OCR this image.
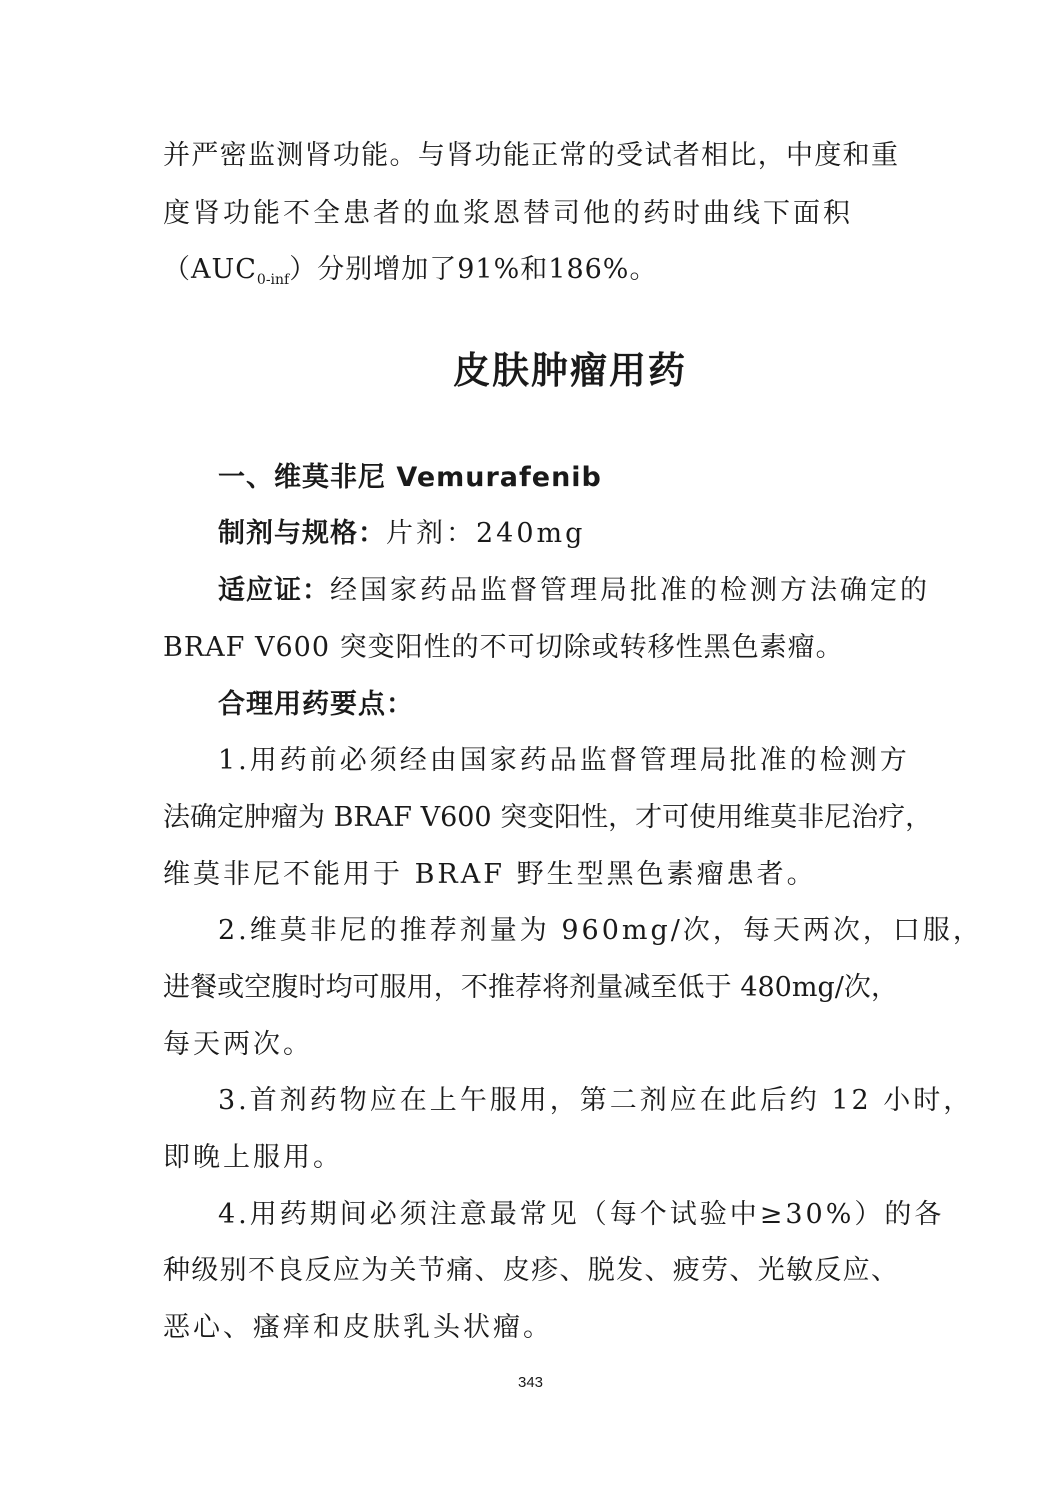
并严密监测肾功能。与肾功能正常的受试者相比，中度和重
度肾功能不全患者的血浆恩替司他的药时曲线下面积
$(AUC_{0-inf})$分别增加了91%和186%。
皮肤肿瘤用药
一、维莫非尼 Vemurafenib
制剂与规格：片剂：240mg
适应证：经国家药品监督管理局批准的检测方法确定的
BRAF V600 突变阳性的不可切除或转移性黑色素瘤。
合理用药要点：
1.用药前必须经由国家药品监督管理局批准的检测方
法确定肿瘤为 BRAF V600 突变阳性，才可使用维莫非尼治疗，
维莫非尼不能用于 BRAF 野生型黑色素瘤患者。
2.维莫非尼的推荐剂量为 960mg/次，每天两次，口服，
进餐或空腹时均可服用，不推荐将剂量减至低于 480mg/次，
每天两次。
3.首剂药物应在上午服用，第二剂应在此后约 12 小时，
即晚上服用。
4.用药期间必须注意最常见（每个试验中≥30%）的各
种级别不良反应为关节痛、皮疹、脱发、疲劳、光敏反应、
恶心、瘙痒和皮肤乳头状瘤。
343
